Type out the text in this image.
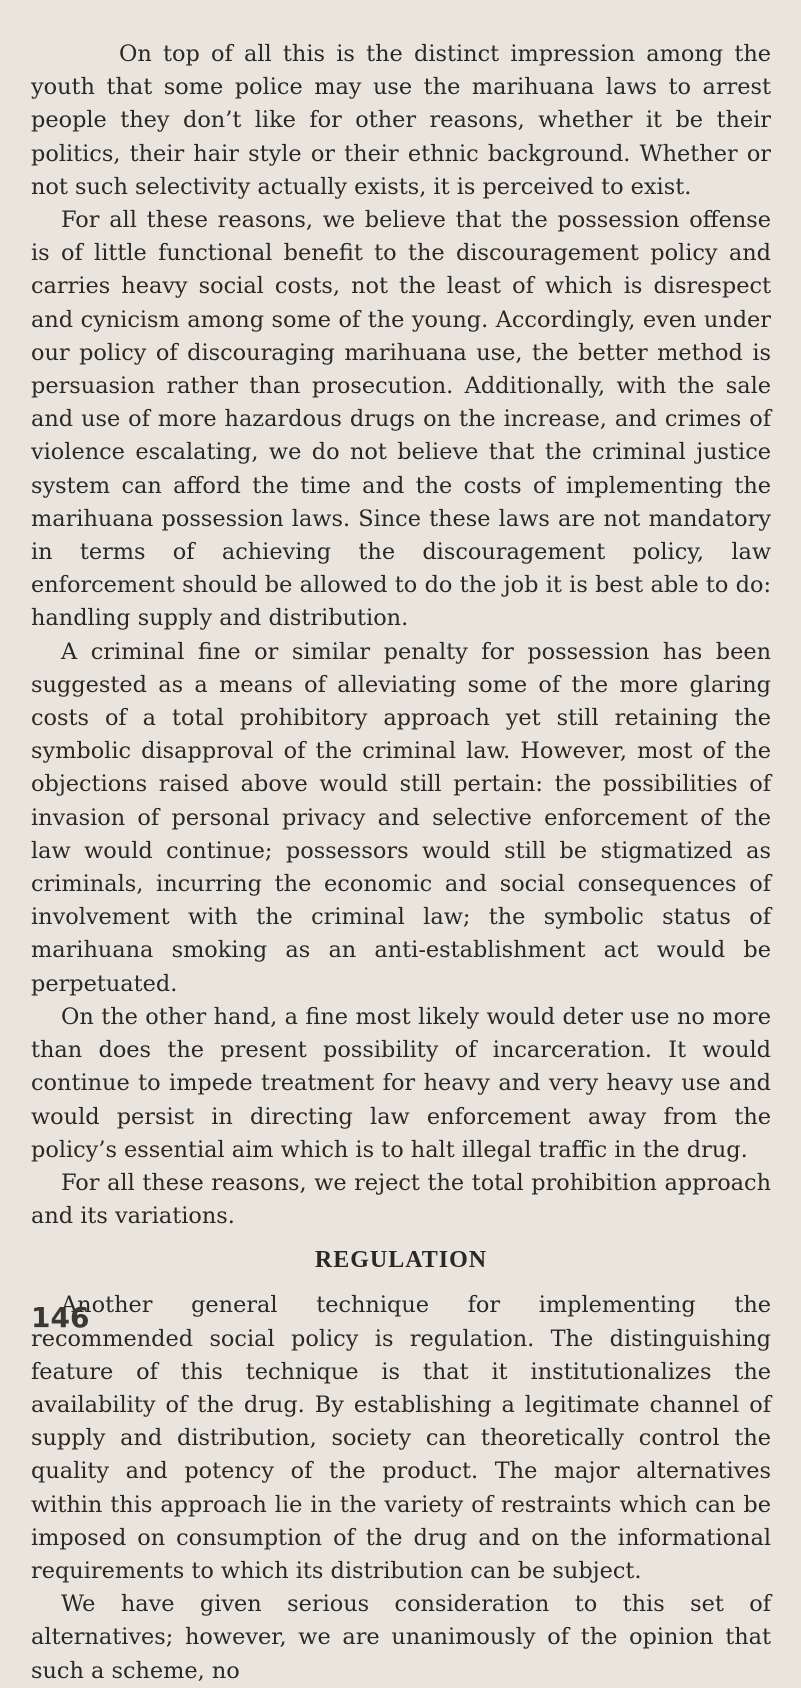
On top of all this is the distinct impression among the youth that some police may use the marihuana laws to arrest people they don’t like for other reasons, whether it be their politics, their hair style or their ethnic background. Whether or not such selectivity actually exists, it is perceived to exist.

For all these reasons, we believe that the possession offense is of little functional benefit to the discouragement policy and carries heavy social costs, not the least of which is disrespect and cynicism among some of the young. Accordingly, even under our policy of discouraging marihuana use, the better method is persuasion rather than prosecution. Additionally, with the sale and use of more hazardous drugs on the increase, and crimes of violence escalating, we do not believe that the criminal justice system can afford the time and the costs of implementing the marihuana possession laws. Since these laws are not mandatory in terms of achieving the discouragement policy, law enforcement should be allowed to do the job it is best able to do: handling supply and distribution.

A criminal fine or similar penalty for possession has been suggested as a means of alleviating some of the more glaring costs of a total prohibitory approach yet still retaining the symbolic disapproval of the criminal law. However, most of the objections raised above would still pertain: the possibilities of invasion of personal privacy and selective enforcement of the law would continue; possessors would still be stigmatized as criminals, incurring the economic and social consequences of involvement with the criminal law; the symbolic status of marihuana smoking as an anti-establishment act would be perpetuated.

On the other hand, a fine most likely would deter use no more than does the present possibility of incarceration. It would continue to impede treatment for heavy and very heavy use and would persist in directing law enforcement away from the policy’s essential aim which is to halt illegal traffic in the drug.

For all these reasons, we reject the total prohibition approach and its variations.

REGULATION

Another general technique for implementing the recommended social policy is regulation. The distinguishing feature of this technique is that it institutionalizes the availability of the drug. By establishing a legitimate channel of supply and distribution, society can theoretically control the quality and potency of the product. The major alternatives within this approach lie in the variety of restraints which can be imposed on consumption of the drug and on the informational requirements to which its distribution can be subject.

We have given serious consideration to this set of alternatives; however, we are unanimously of the opinion that such a scheme, no

146
